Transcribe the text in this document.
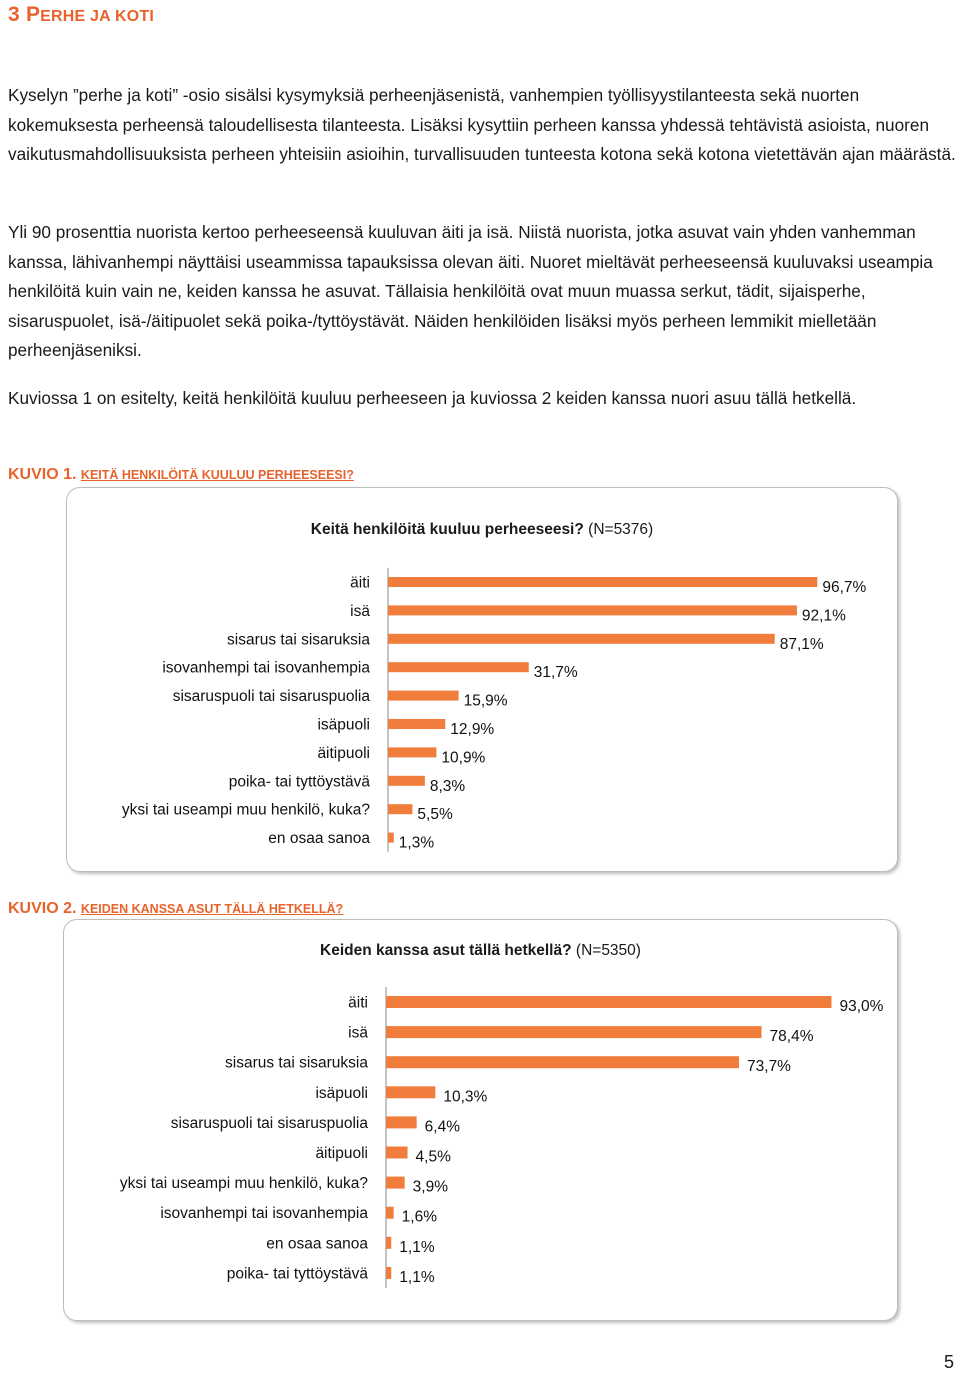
3 PERHE JA KOTI

Kyselyn ”perhe ja koti” -osio sisälsi kysymyksiä perheenjäsenistä, vanhempien työllisyystilanteesta sekä nuorten kokemuksesta perheensä taloudellisesta tilanteesta. Lisäksi kysyttiin perheen kanssa yhdessä tehtävistä asioista, nuoren vaikutusmahdollisuuksista perheen yhteisiin asioihin, turvallisuuden tunteesta kotona sekä kotona vietettävän ajan määrästä.

Yli 90 prosenttia nuorista kertoo perheeseensä kuuluvan äiti ja isä. Niistä nuorista, jotka asuvat vain yhden vanhemman kanssa, lähivanhempi näyttäisi useammissa tapauksissa olevan äiti. Nuoret mieltävät perheeseensä kuuluvaksi useampia henkilöitä kuin vain ne, keiden kanssa he asuvat. Tällaisia henkilöitä ovat muun muassa serkut, tädit, sijaisperhe, sisaruspuolet, isä-/äitipuolet sekä poika-/tyttöystävät. Näiden henkilöiden lisäksi myös perheen lemmikit mielletään perheenjäseniksi.

Kuviossa 1 on esitelty, keitä henkilöitä kuuluu perheeseen ja kuviossa 2 keiden kanssa nuori asuu tällä hetkellä.

KUVIO 1. KEITÄ HENKILÖITÄ KUULUU PERHEESEESI?
Keitä henkilöitä kuuluu perheeseesi? (N=5376)
äiti	96,7%
isä	92,1%
sisarus tai sisaruksia	87,1%
isovanhempi tai isovanhempia	31,7%
sisaruspuoli tai sisaruspuolia	15,9%
isäpuoli	12,9%
äitipuoli	10,9%
poika- tai tyttöystävä	8,3%
yksi tai useampi muu henkilö, kuka?	5,5%
en osaa sanoa 1,3%
KUVIO 2. KEIDEN KANSSA ASUT TÄLLÄ HETKELLÄ?
Keiden kanssa asut tällä hetkellä? (N=5350)
äiti	93,0%
isä	78,4%
sisarus tai sisaruksia	73,7%
isäpuoli	10,3%
sisaruspuoli tai sisaruspuolia	6,4%
äitipuoli	4,5%
yksi tai useampi muu henkilö, kuka?	3,9%
isovanhempi tai isovanhempia 1,6%
en osaa sanoa 1,1%
poika- tai tyttöystävä 1,1%
5
